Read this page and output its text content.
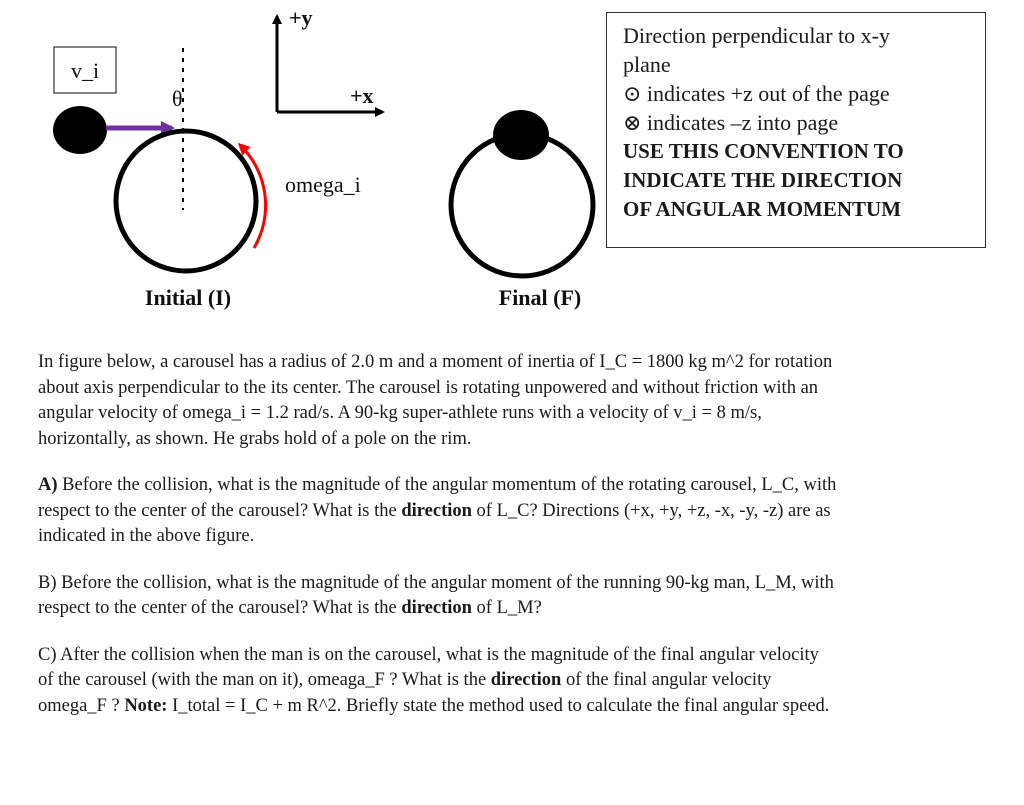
v_i
θ
omega_i
+y
+x
Initial (I)	Final (F)
Direction perpendicular to x-y
plane
⊙ indicates +z out of the page
⊗ indicates –z into page
USE THIS CONVENTION TO
INDICATE THE DIRECTION
OF ANGULAR MOMENTUM

In figure below, a carousel has a radius of 2.0 m and a moment of inertia of I_C = 1800 kg m^2 for rotation about axis perpendicular to the its center. The carousel is rotating unpowered and without friction with an angular velocity of omega_i = 1.2 rad/s. A 90-kg super-athlete runs with a velocity of v_i = 8 m/s, horizontally, as shown. He grabs hold of a pole on the rim.

A) Before the collision, what is the magnitude of the angular momentum of the rotating carousel, L_C, with respect to the center of the carousel? What is the direction of L_C? Directions (+x, +y, +z, -x, -y, -z) are as indicated in the above figure.

B) Before the collision, what is the magnitude of the angular moment of the running 90-kg man, L_M, with respect to the center of the carousel? What is the direction of L_M?

C) After the collision when the man is on the carousel, what is the magnitude of the final angular velocity of the carousel (with the man on it), omeaga_F ? What is the direction of the final angular velocity omega_F ? Note: I_total = I_C + m R^2. Briefly state the method used to calculate the final angular speed.
